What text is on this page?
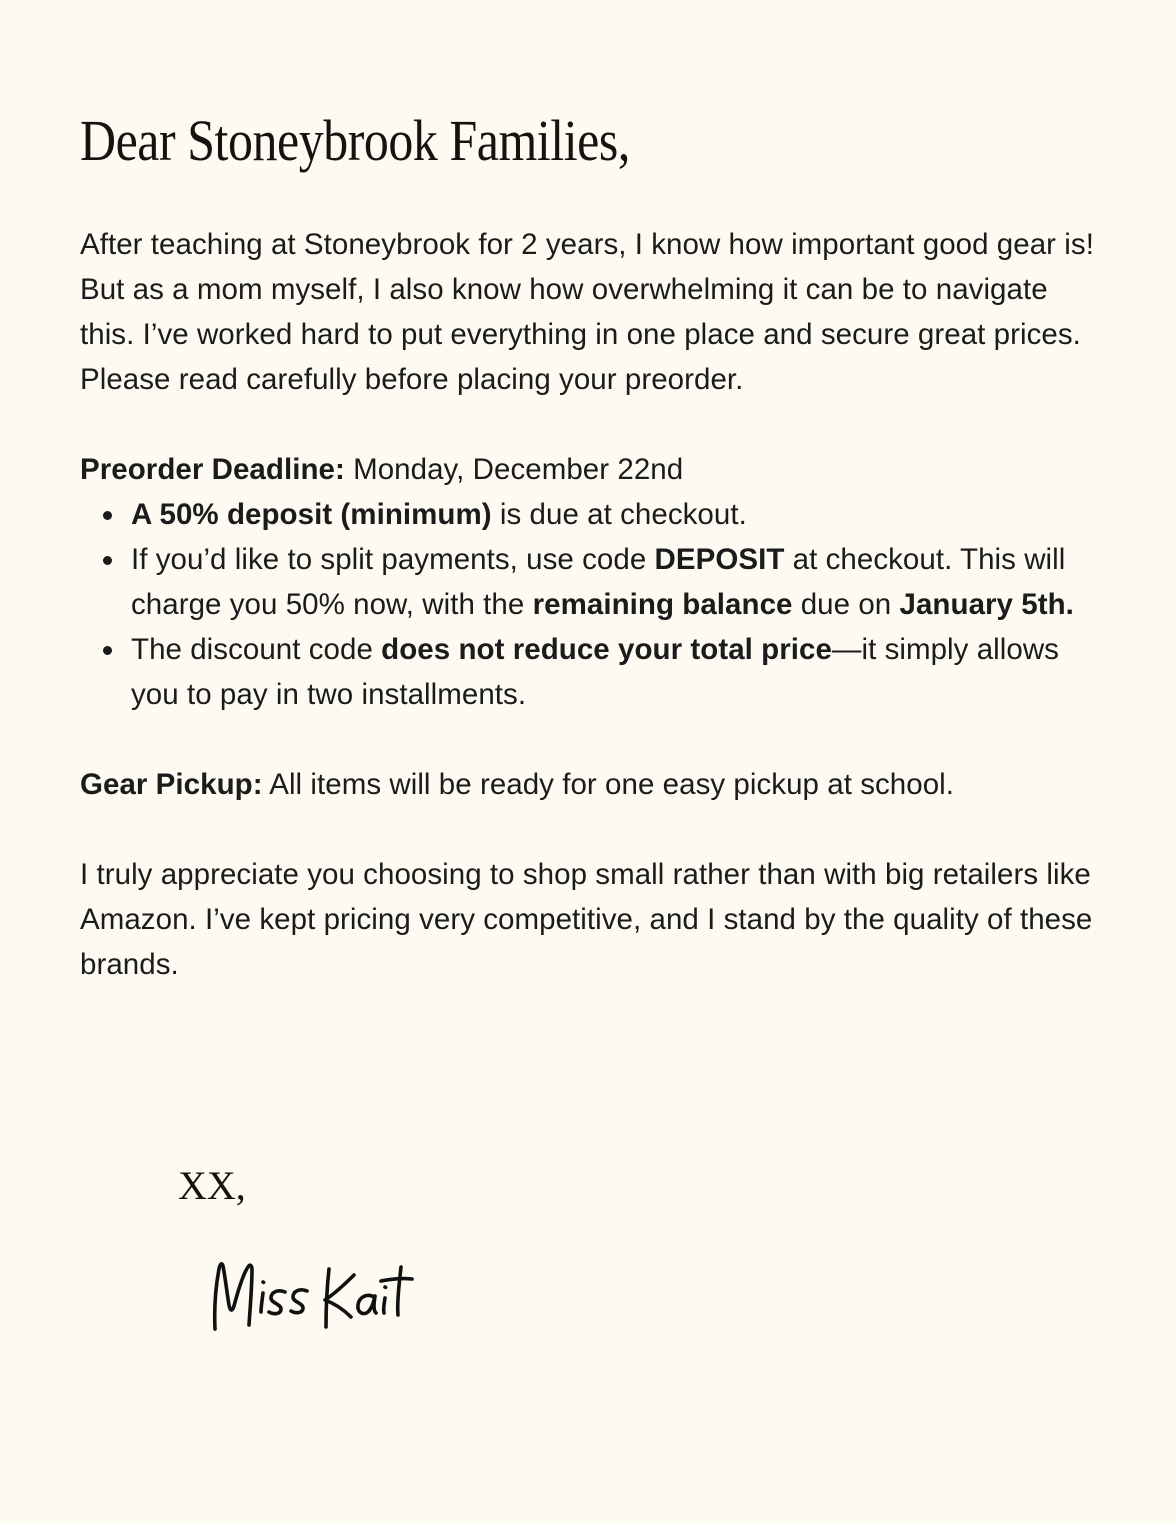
Dear Stoneybrook Families,

After teaching at Stoneybrook for 2 years, I know how important good gear is! But as a mom myself, I also know how overwhelming it can be to navigate this. I’ve worked hard to put everything in one place and secure great prices. Please read carefully before placing your preorder.

Preorder Deadline: Monday, December 22nd

A 50% deposit (minimum) is due at checkout.
If you’d like to split payments, use code DEPOSIT at checkout. This will charge you 50% now, with the remaining balance due on January 5th.
The discount code does not reduce your total price—it simply allows you to pay in two installments.

Gear Pickup: All items will be ready for one easy pickup at school.

I truly appreciate you choosing to shop small rather than with big retailers like Amazon. I’ve kept pricing very competitive, and I stand by the quality of these brands.

XX,
